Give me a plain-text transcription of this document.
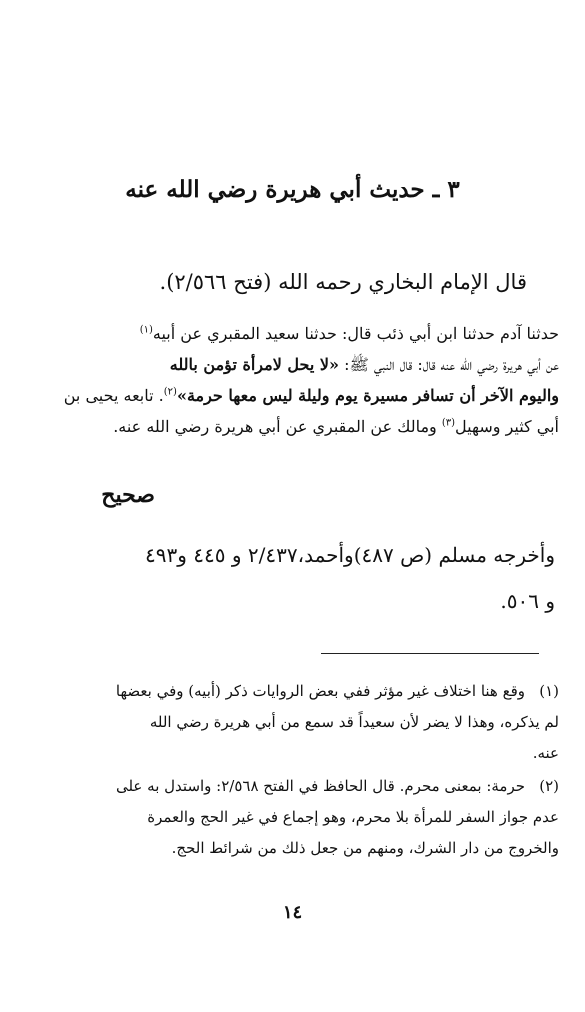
٣ ـ حديث أبي هريرة رضي الله عنه
قال الإمام البخاري رحمه الله (فتح ٢/٥٦٦).
حدثنا آدم حدثنا ابن أبي ذئب قال: حدثنا سعيد المقبري عن أبيه$^{(١)}$
عن أبي هريرة رضي الله عنه قال: قال النبي ﷺ: «لا يحل لامرأة تؤمن بالله
واليوم الآخر أن تسافر مسيرة يوم وليلة ليس معها حرمة»$^{(٢)}$. تابعه يحيى بن
أبي كثير وسهيل$^{(٣)}$ ومالك عن المقبري عن أبي هريرة رضي الله عنه.
صحيح
وأخرجه مسلم (ص ٤٨٧)وأحمد،٢/٤٣٧ و ٤٤٥ و٤٩٣
و ٥٠٦.
(١)وقع هنا اختلاف غير مؤثر ففي بعض الروايات ذكر (أبيه) وفي بعضها
لم يذكره، وهذا لا يضر لأن سعيداً قد سمع من أبي هريرة رضي الله
عنه.
(٢)حرمة: بمعنى محرم. قال الحافظ في الفتح ٢/٥٦٨: واستدل به على
عدم جواز السفر للمرأة بلا محرم، وهو إجماع في غير الحج والعمرة
والخروج من دار الشرك، ومنهم من جعل ذلك من شرائط الحج.
١٤
